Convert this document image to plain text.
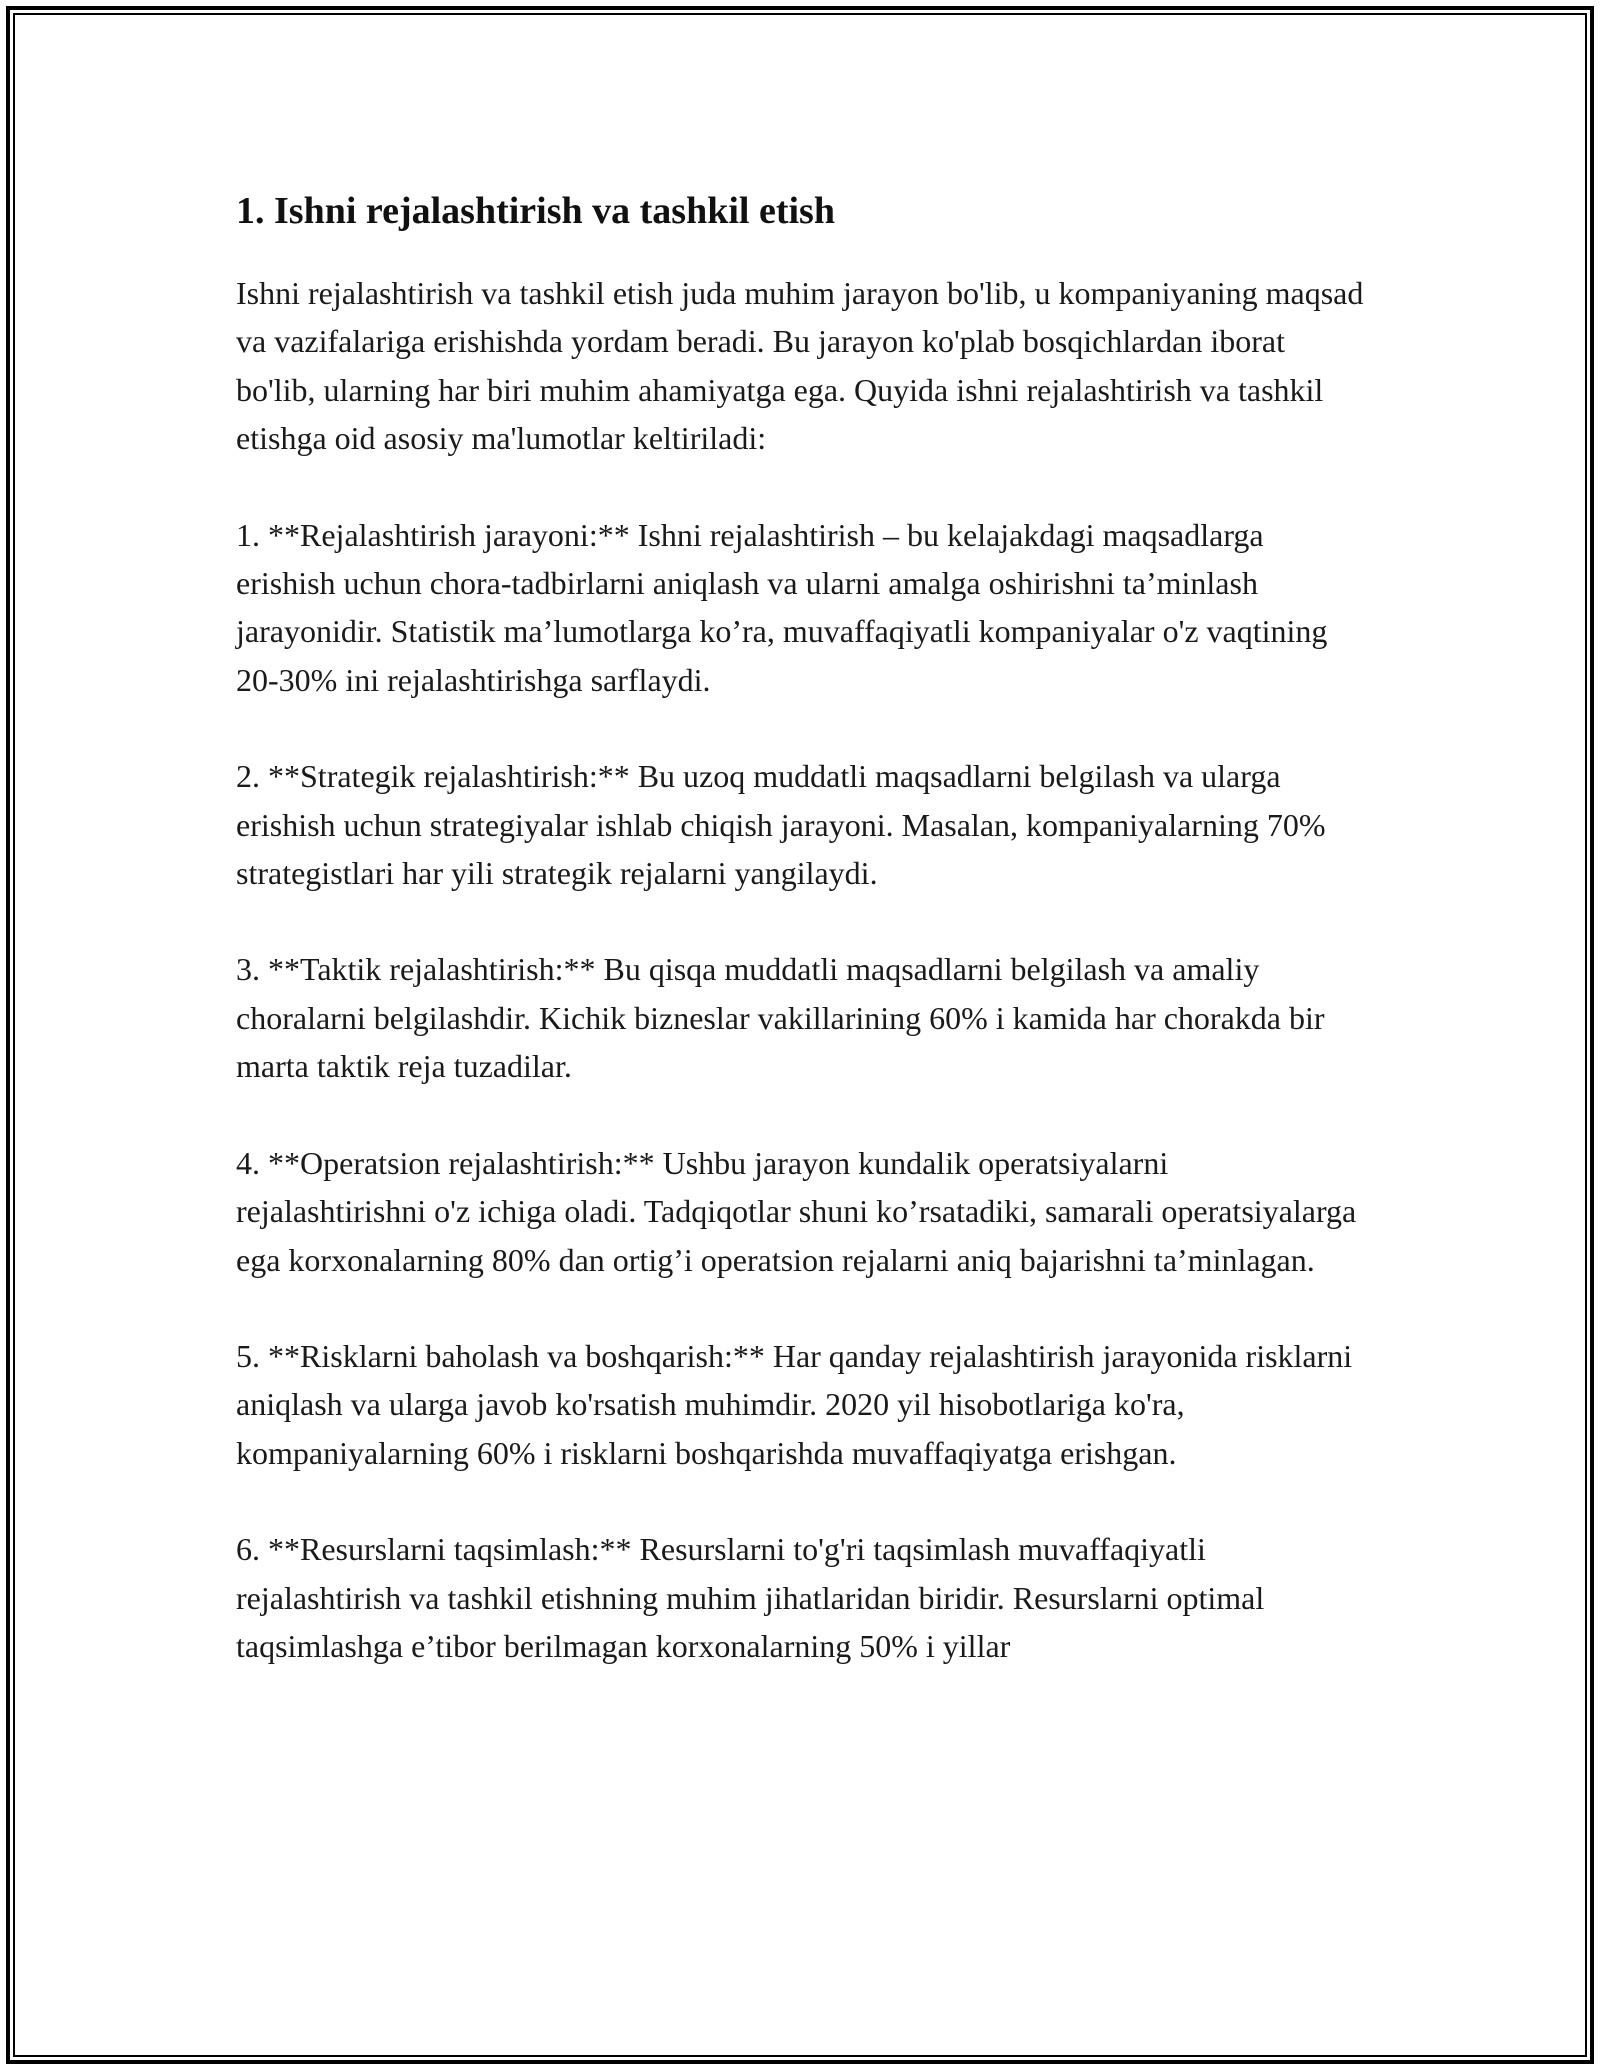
1. Ishni rejalashtirish va tashkil etish

Ishni rejalashtirish va tashkil etish juda muhim jarayon bo'lib, u kompaniyaning maqsad va vazifalariga erishishda yordam beradi. Bu jarayon ko'plab bosqichlardan iborat bo'lib, ularning har biri muhim ahamiyatga ega. Quyida ishni rejalashtirish va tashkil etishga oid asosiy ma'lumotlar keltiriladi:

1. **Rejalashtirish jarayoni:** Ishni rejalashtirish – bu kelajakdagi maqsadlarga erishish uchun chora-tadbirlarni aniqlash va ularni amalga oshirishni ta’minlash jarayonidir. Statistik ma’lumotlarga ko’ra, muvaffaqiyatli kompaniyalar o'z vaqtining 20-30% ini rejalashtirishga sarflaydi.

2. **Strategik rejalashtirish:** Bu uzoq muddatli maqsadlarni belgilash va ularga erishish uchun strategiyalar ishlab chiqish jarayoni. Masalan, kompaniyalarning 70% strategistlari har yili strategik rejalarni yangilaydi.

3. **Taktik rejalashtirish:** Bu qisqa muddatli maqsadlarni belgilash va amaliy choralarni belgilashdir. Kichik bizneslar vakillarining 60% i kamida har chorakda bir marta taktik reja tuzadilar.

4. **Operatsion rejalashtirish:** Ushbu jarayon kundalik operatsiyalarni rejalashtirishni o'z ichiga oladi. Tadqiqotlar shuni ko’rsatadiki, samarali operatsiyalarga ega korxonalarning 80% dan ortig’i operatsion rejalarni aniq bajarishni ta’minlagan.

5. **Risklarni baholash va boshqarish:** Har qanday rejalashtirish jarayonida risklarni aniqlash va ularga javob ko'rsatish muhimdir. 2020 yil hisobotlariga ko'ra, kompaniyalarning 60% i risklarni boshqarishda muvaffaqiyatga erishgan.

6. **Resurslarni taqsimlash:** Resurslarni to'g'ri taqsimlash muvaffaqiyatli rejalashtirish va tashkil etishning muhim jihatlaridan biridir. Resurslarni optimal taqsimlashga e’tibor berilmagan korxonalarning 50% i yillar
